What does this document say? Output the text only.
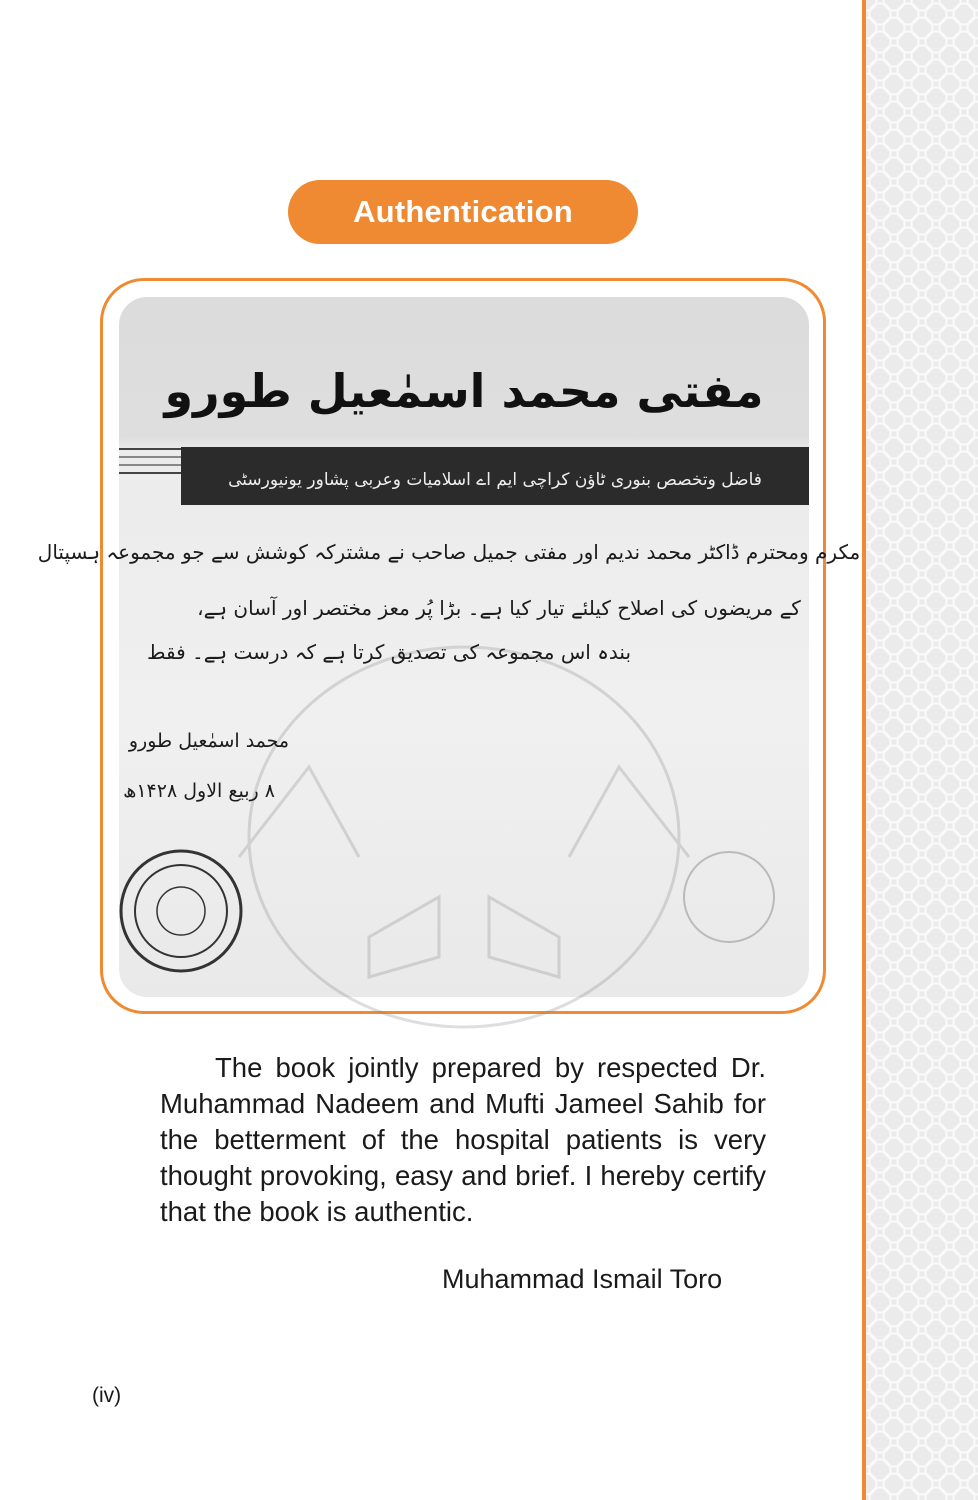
Authentication
مفتی محمد اسمٰعیل طورو
فاضل وتخصص بنوری ٹاؤن کراچی ایم اے اسلامیات وعربی پشاور یونیورسٹی
مکرم ومحترم ڈاکٹر محمد ندیم اور مفتی جمیل صاحب نے مشترکہ کوشش سے جو مجموعہ ہسپتال
کے مریضوں کی اصلاح کیلئے تیار کیا ہے۔ بڑا پُر معز مختصر اور آسان ہے،
بندہ اس مجموعہ کی تصدیق کرتا ہے کہ درست ہے۔ فقط
محمد اسمٰعیل طورو
۸ ربیع الاول ۱۴۲۸ھ
The book jointly prepared by respected Dr. Muhammad Nadeem and Mufti Jameel Sahib for the betterment of the hospital patients is very thought provoking, easy and brief. I hereby certify that the book is authentic.
Muhammad Ismail Toro
(iv)
